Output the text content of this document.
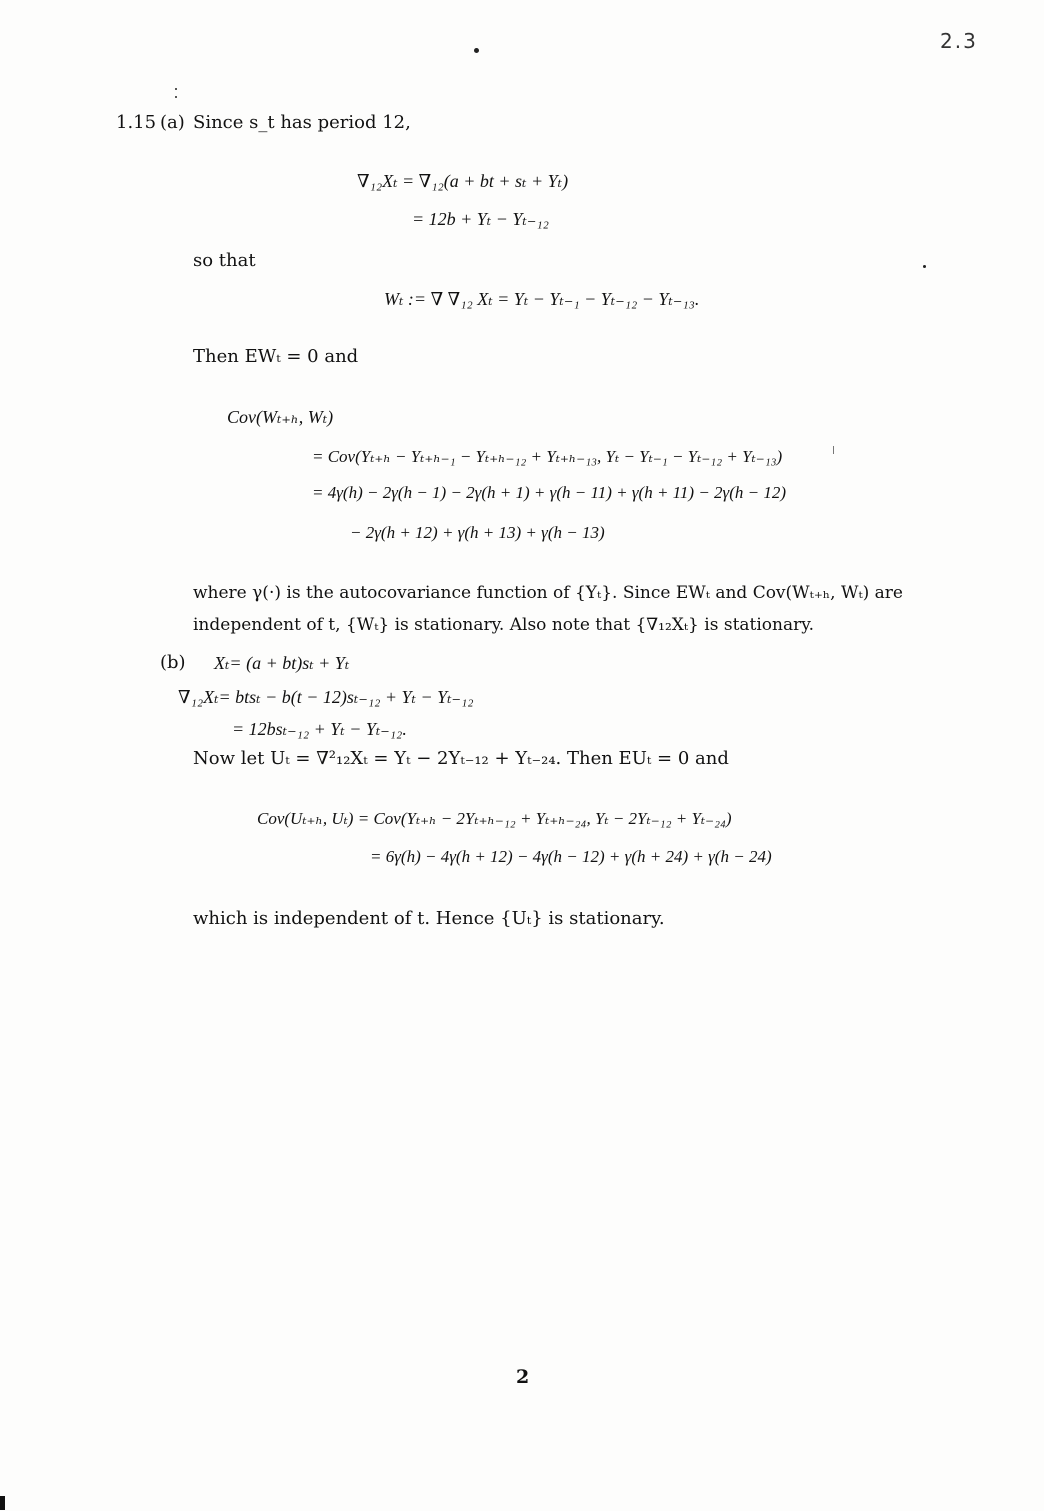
2.3
1.15 (a) Since s_t has period 12,
∇₁₂Xₜ = ∇₁₂(a + bt + sₜ + Yₜ)
= 12b + Yₜ − Yₜ₋₁₂
so that
Wₜ := ∇ ∇₁₂ Xₜ = Yₜ − Yₜ₋₁ − Yₜ₋₁₂ − Yₜ₋₁₃.
Then EWₜ = 0 and
Cov(Wₜ₊ₕ, Wₜ)
= Cov(Yₜ₊ₕ − Yₜ₊ₕ₋₁ − Yₜ₊ₕ₋₁₂ + Yₜ₊ₕ₋₁₃, Yₜ − Yₜ₋₁ − Yₜ₋₁₂ + Yₜ₋₁₃)
= 4γ(h) − 2γ(h − 1) − 2γ(h + 1) + γ(h − 11) + γ(h + 11) − 2γ(h − 12)
− 2γ(h + 12) + γ(h + 13) + γ(h − 13)
where γ(·) is the autocovariance function of {Yₜ}. Since EWₜ and Cov(Wₜ₊ₕ, Wₜ) are
independent of t, {Wₜ} is stationary. Also note that {∇₁₂Xₜ} is stationary.
(b) Xₜ= (a + bt)sₜ + Yₜ
∇₁₂Xₜ= btsₜ − b(t − 12)sₜ₋₁₂ + Yₜ − Yₜ₋₁₂
= 12bsₜ₋₁₂ + Yₜ − Yₜ₋₁₂.
Now let Uₜ = ∇²₁₂Xₜ = Yₜ − 2Yₜ₋₁₂ + Yₜ₋₂₄. Then EUₜ = 0 and
Cov(Uₜ₊ₕ, Uₜ) = Cov(Yₜ₊ₕ − 2Yₜ₊ₕ₋₁₂ + Yₜ₊ₕ₋₂₄, Yₜ − 2Yₜ₋₁₂ + Yₜ₋₂₄)
= 6γ(h) − 4γ(h + 12) − 4γ(h − 12) + γ(h + 24) + γ(h − 24)
which is independent of t. Hence {Uₜ} is stationary.
2
